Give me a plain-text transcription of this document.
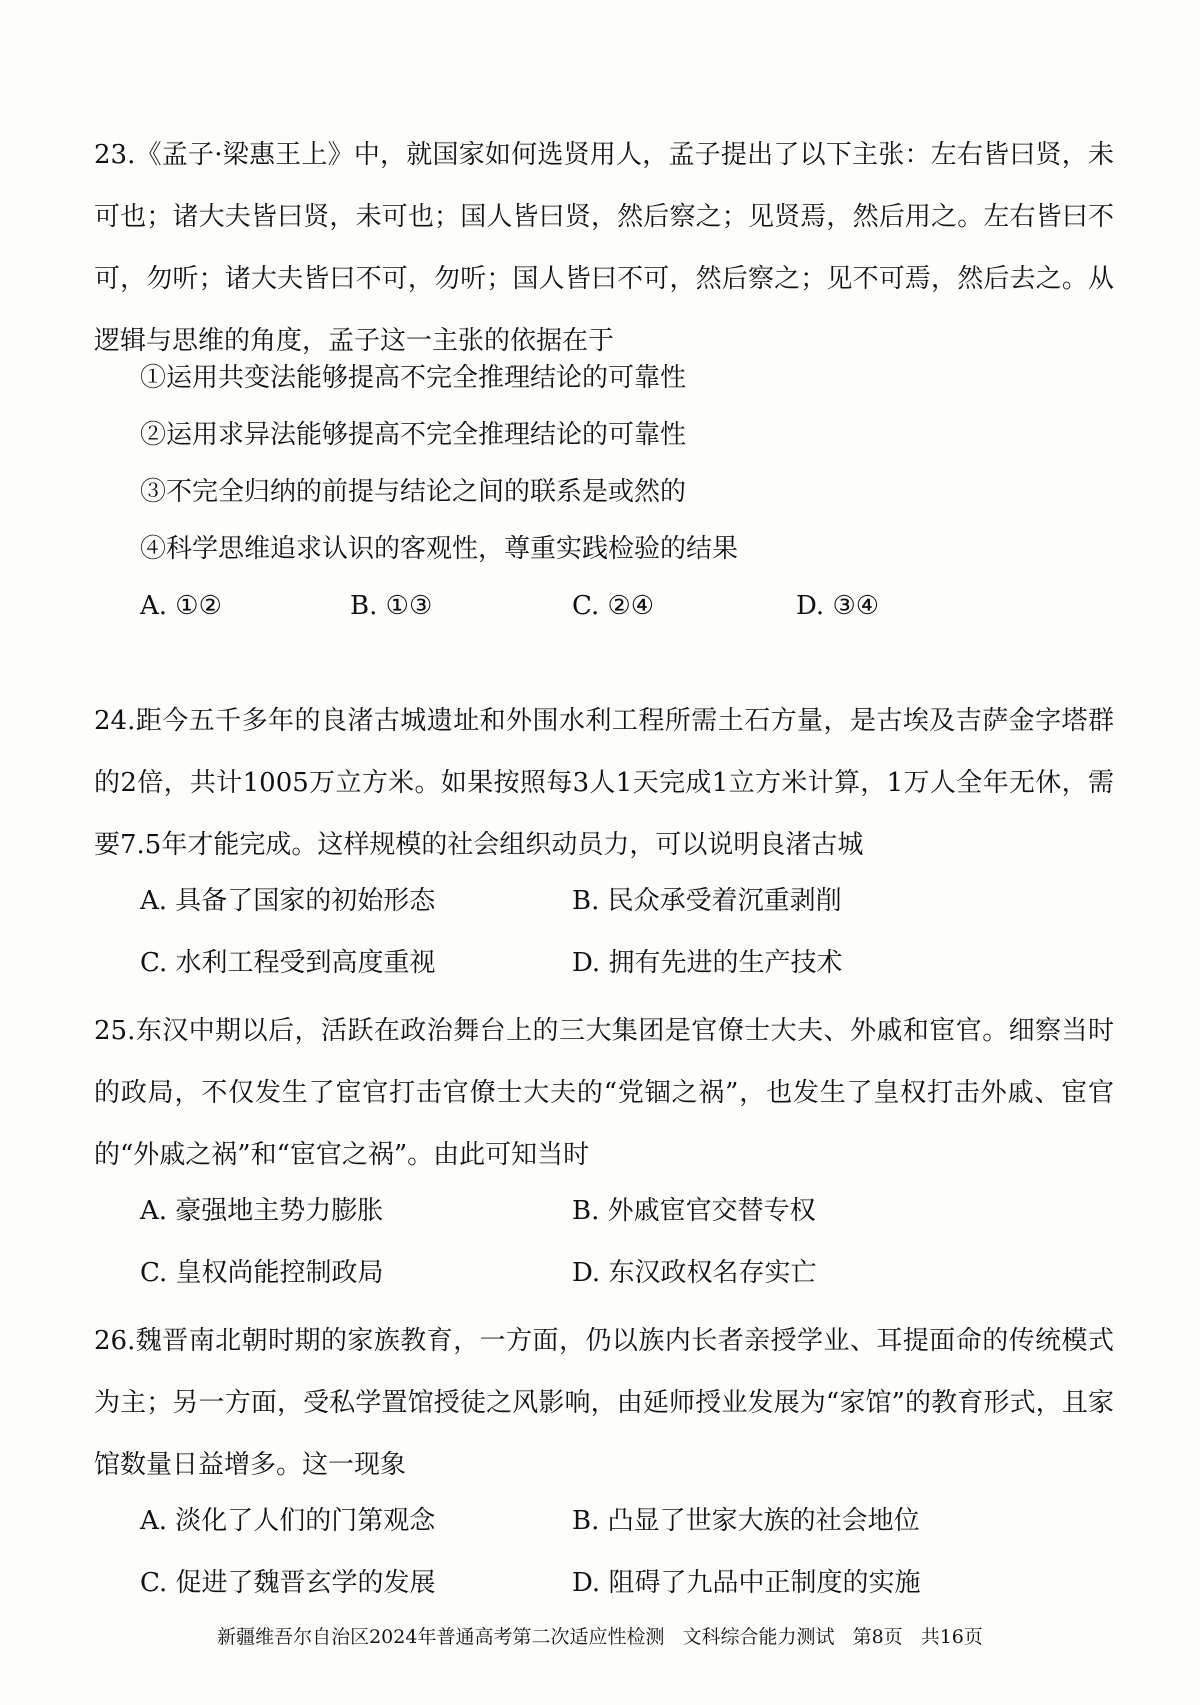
23.《孟子·梁惠王上》中，就国家如何选贤用人，孟子提出了以下主张：左右皆曰贤，未可也；诸大夫皆曰贤，未可也；国人皆曰贤，然后察之；见贤焉，然后用之。左右皆曰不可，勿听；诸大夫皆曰不可，勿听；国人皆曰不可，然后察之；见不可焉，然后去之。从逻辑与思维的角度，孟子这一主张的依据在于

①运用共变法能够提高不完全推理结论的可靠性

②运用求异法能够提高不完全推理结论的可靠性

③不完全归纳的前提与结论之间的联系是或然的

④科学思维追求认识的客观性，尊重实践检验的结果

A. ①②	B. ①③	C. ②④	D. ③④

24.距今五千多年的良渚古城遗址和外围水利工程所需土石方量，是古埃及吉萨金字塔群的2倍，共计1005万立方米。如果按照每3人1天完成1立方米计算，1万人全年无休，需要7.5年才能完成。这样规模的社会组织动员力，可以说明良渚古城

A. 具备了国家的初始形态	B. 民众承受着沉重剥削
C. 水利工程受到高度重视	D. 拥有先进的生产技术

25.东汉中期以后，活跃在政治舞台上的三大集团是官僚士大夫、外戚和宦官。细察当时的政局，不仅发生了宦官打击官僚士大夫的“党锢之祸”，也发生了皇权打击外戚、宦官的“外戚之祸”和“宦官之祸”。由此可知当时

A. 豪强地主势力膨胀	B. 外戚宦官交替专权
C. 皇权尚能控制政局	D. 东汉政权名存实亡

26.魏晋南北朝时期的家族教育，一方面，仍以族内长者亲授学业、耳提面命的传统模式为主；另一方面，受私学置馆授徒之风影响，由延师授业发展为“家馆”的教育形式，且家馆数量日益增多。这一现象

A. 淡化了人们的门第观念	B. 凸显了世家大族的社会地位
C. 促进了魏晋玄学的发展	D. 阻碍了九品中正制度的实施
新疆维吾尔自治区2024年普通高考第二次适应性检测 文科综合能力测试 第8页 共16页
